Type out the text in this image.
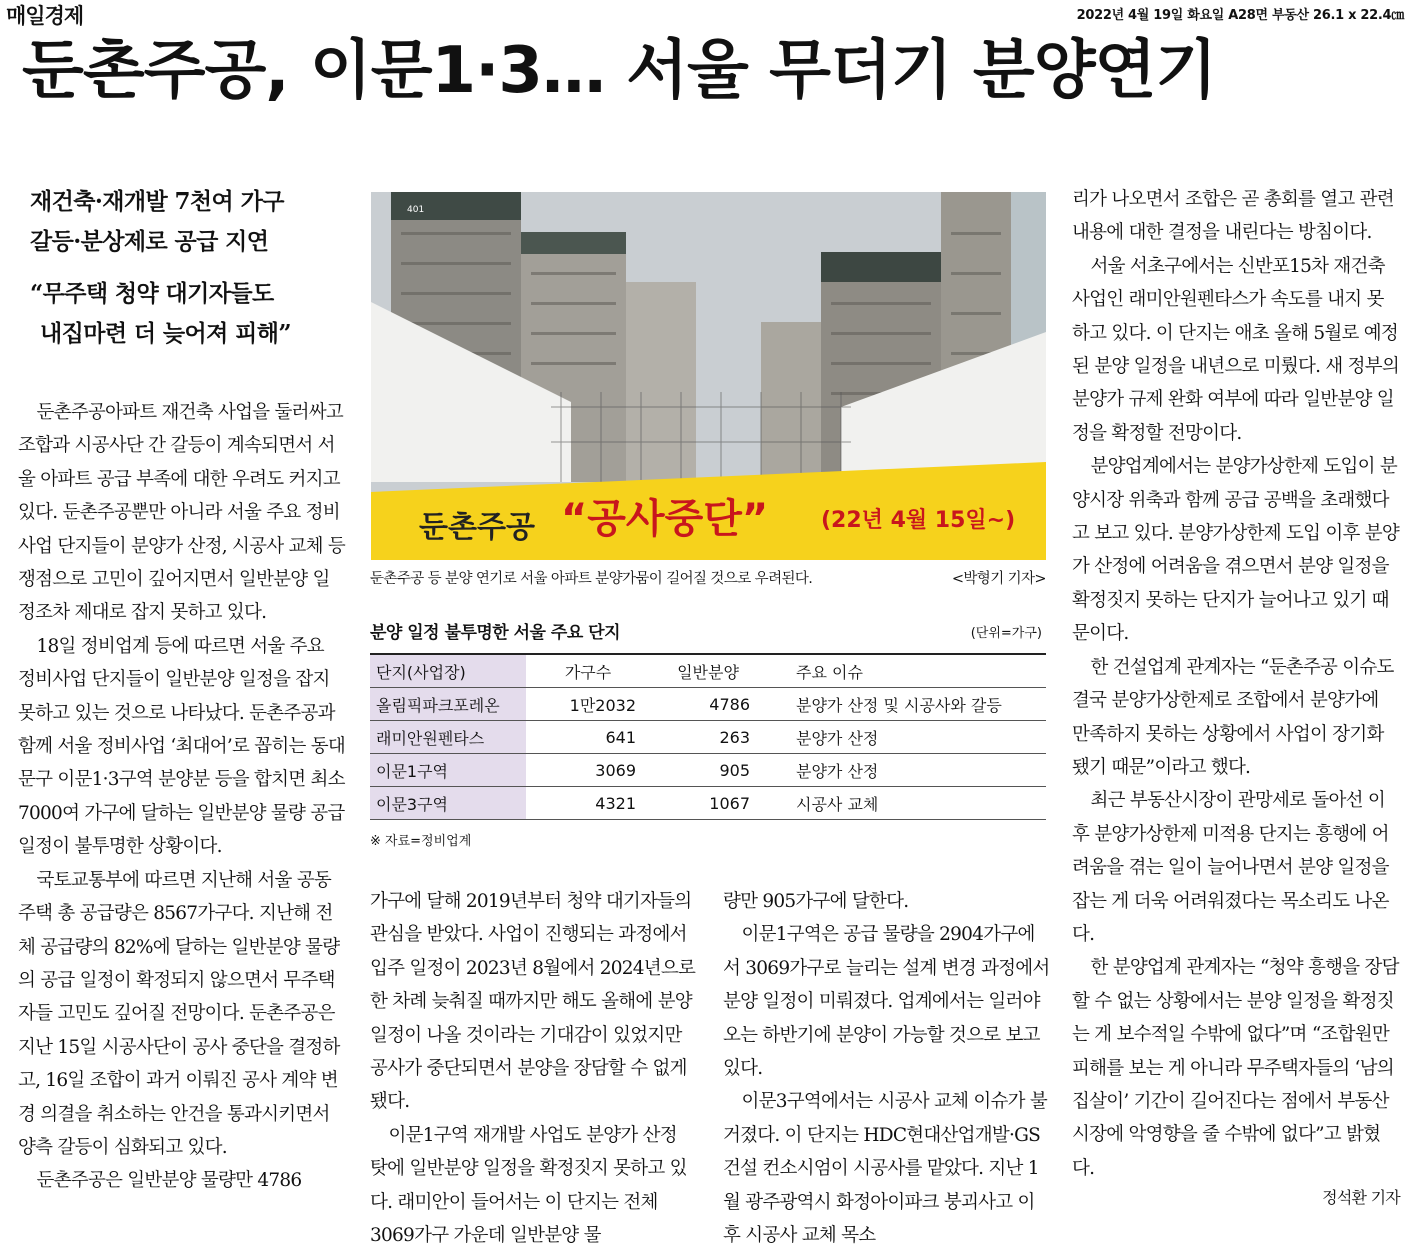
매일경제	2022년 4월 19일 화요일 A28면 부동산 26.1 x 22.4㎝
둔촌주공, 이문1·3… 서울 무더기 분양연기
재건축·재개발 7천여 가구
갈등·분상제로 공급 지연
“무주택 청약 대기자들도
내집마련 더 늦어져 피해”

둔촌주공아파트 재건축 사업을 둘러싸고 조합과 시공사단 간 갈등이 계속되면서 서울 아파트 공급 부족에 대한 우려도 커지고 있다. 둔촌주공뿐만 아니라 서울 주요 정비사업 단지들이 분양가 산정, 시공사 교체 등 쟁점으로 고민이 깊어지면서 일반분양 일정조차 제대로 잡지 못하고 있다.

18일 정비업계 등에 따르면 서울 주요 정비사업 단지들이 일반분양 일정을 잡지 못하고 있는 것으로 나타났다. 둔촌주공과 함께 서울 정비사업 ‘최대어’로 꼽히는 동대문구 이문1·3구역 분양분 등을 합치면 최소 7000여 가구에 달하는 일반분양 물량 공급 일정이 불투명한 상황이다.

국토교통부에 따르면 지난해 서울 공동주택 총 공급량은 8567가구다. 지난해 전체 공급량의 82%에 달하는 일반분양 물량의 공급 일정이 확정되지 않으면서 무주택자들 고민도 깊어질 전망이다. 둔촌주공은 지난 15일 시공사단이 공사 중단을 결정하고, 16일 조합이 과거 이뤄진 공사 계약 변경 의결을 취소하는 안건을 통과시키면서 양측 갈등이 심화되고 있다.

둔촌주공은 일반분양 물량만 4786

401
둔촌주공 “공사중단” (22년 4월 15일~)
둔촌주공 등 분양 연기로 서울 아파트 분양가뭄이 길어질 것으로 우려된다.	<박형기 기자>
분양 일정 불투명한 서울 주요 단지	(단위=가구)
단지(사업장)	가구수	일반분양	주요 이슈
올림픽파크포레온	1만2032	4786	분양가 산정 및 시공사와 갈등
래미안원펜타스	641	263	분양가 산정
이문1구역	3069	905	분양가 산정
이문3구역	4321	1067	시공사 교체
※ 자료=정비업계

가구에 달해 2019년부터 청약 대기자들의 관심을 받았다. 사업이 진행되는 과정에서 입주 일정이 2023년 8월에서 2024년으로 한 차례 늦춰질 때까지만 해도 올해에 분양 일정이 나올 것이라는 기대감이 있었지만 공사가 중단되면서 분양을 장담할 수 없게 됐다.

이문1구역 재개발 사업도 분양가 산정 탓에 일반분양 일정을 확정짓지 못하고 있다. 래미안이 들어서는 이 단지는 전체 3069가구 가운데 일반분양 물

량만 905가구에 달한다.

이문1구역은 공급 물량을 2904가구에서 3069가구로 늘리는 설계 변경 과정에서 분양 일정이 미뤄졌다. 업계에서는 일러야 오는 하반기에 분양이 가능할 것으로 보고 있다.

이문3구역에서는 시공사 교체 이슈가 불거졌다. 이 단지는 HDC현대산업개발·GS건설 컨소시엄이 시공사를 맡았다. 지난 1월 광주광역시 화정아이파크 붕괴사고 이후 시공사 교체 목소

리가 나오면서 조합은 곧 총회를 열고 관련 내용에 대한 결정을 내린다는 방침이다.

서울 서초구에서는 신반포15차 재건축 사업인 래미안원펜타스가 속도를 내지 못하고 있다. 이 단지는 애초 올해 5월로 예정된 분양 일정을 내년으로 미뤘다. 새 정부의 분양가 규제 완화 여부에 따라 일반분양 일정을 확정할 전망이다.

분양업계에서는 분양가상한제 도입이 분양시장 위축과 함께 공급 공백을 초래했다고 보고 있다. 분양가상한제 도입 이후 분양가 산정에 어려움을 겪으면서 분양 일정을 확정짓지 못하는 단지가 늘어나고 있기 때문이다.

한 건설업계 관계자는 “둔촌주공 이슈도 결국 분양가상한제로 조합에서 분양가에 만족하지 못하는 상황에서 사업이 장기화됐기 때문”이라고 했다.

최근 부동산시장이 관망세로 돌아선 이후 분양가상한제 미적용 단지는 흥행에 어려움을 겪는 일이 늘어나면서 분양 일정을 잡는 게 더욱 어려워졌다는 목소리도 나온다.

한 분양업계 관계자는 “청약 흥행을 장담할 수 없는 상황에서는 분양 일정을 확정짓는 게 보수적일 수밖에 없다”며 “조합원만 피해를 보는 게 아니라 무주택자들의 ‘남의 집살이’ 기간이 길어진다는 점에서 부동산시장에 악영향을 줄 수밖에 없다”고 밝혔다.

정석환 기자
